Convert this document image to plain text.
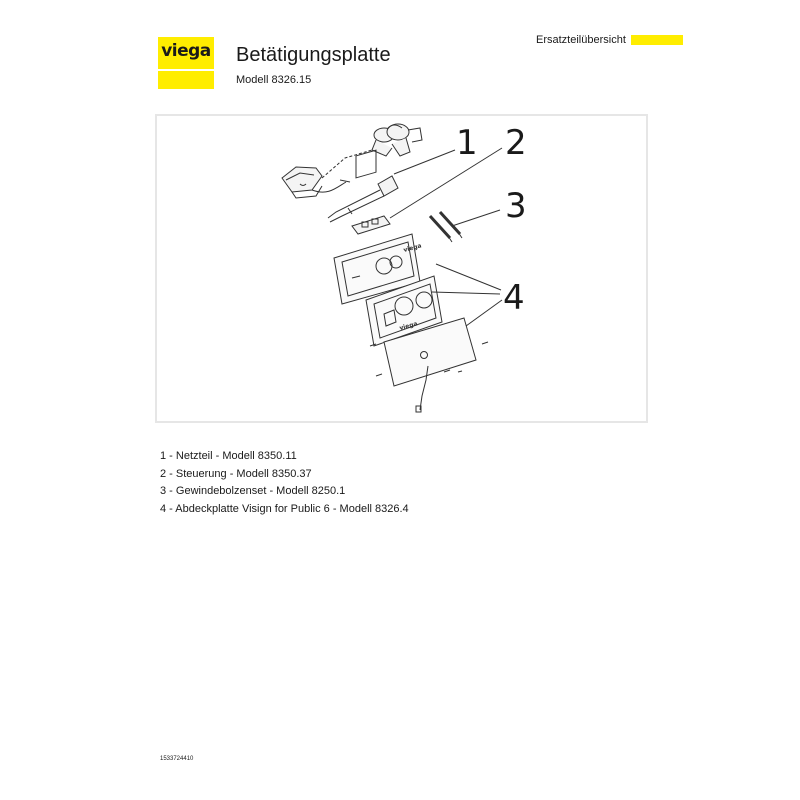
viega Betätigungsplatte
Modell 8326.15
Ersatzteilübersicht
viega
viega
1 2
3
4
1 - Netzteil - Modell 8350.11
2 - Steuerung - Modell 8350.37
3 - Gewindebolzenset - Modell 8250.1
4 - Abdeckplatte Visign for Public 6 - Modell 8326.4
1533724410
